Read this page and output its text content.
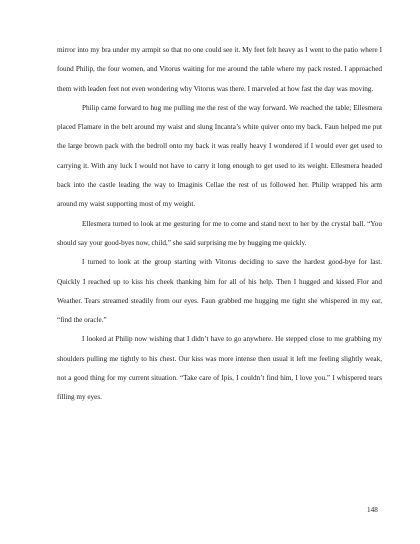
mirror into my bra under my armpit so that no one could see it. My feet felt heavy as I went to the patio where I found Philip, the four women, and Vitorus waiting for me around the table where my pack rested. I approached them with leaden feet not even wondering why Vitorus was there. I marveled at how fast the day was moving.

Philip came forward to hug me pulling me the rest of the way forward. We reached the table; Ellesmera placed Flamare in the belt around my waist and slung Incanta’s white quiver onto my back. Faun helped me put the large brown pack with the bedroll onto my back it was really heavy I wondered if I would ever get used to carrying it. With any luck I would not have to carry it long enough to get used to its weight. Ellesmera headed back into the castle leading the way to Imaginis Cellae the rest of us followed her. Philip wrapped his arm around my waist supporting most of my weight.

Ellesmera turned to look at me gesturing for me to come and stand next to her by the crystal ball. “You should say your good-byes now, child,” she said surprising me by hugging me quickly.

I turned to look at the group starting with Vitorus deciding to save the hardest good-bye for last. Quickly I reached up to kiss his cheek thanking him for all of his help. Then I hugged and kissed Flor and Weather. Tears streamed steadily from our eyes. Faun grabbed me hugging me tight she whispered in my ear, “find the oracle.”

I looked at Philip now wishing that I didn’t have to go anywhere. He stepped close to me grabbing my shoulders pulling me tightly to his chest. Our kiss was more intense then usual it left me feeling slightly weak, not a good thing for my current situation. “Take care of Ipis, I couldn’t find him, I love you.” I whispered tears filling my eyes.

148
